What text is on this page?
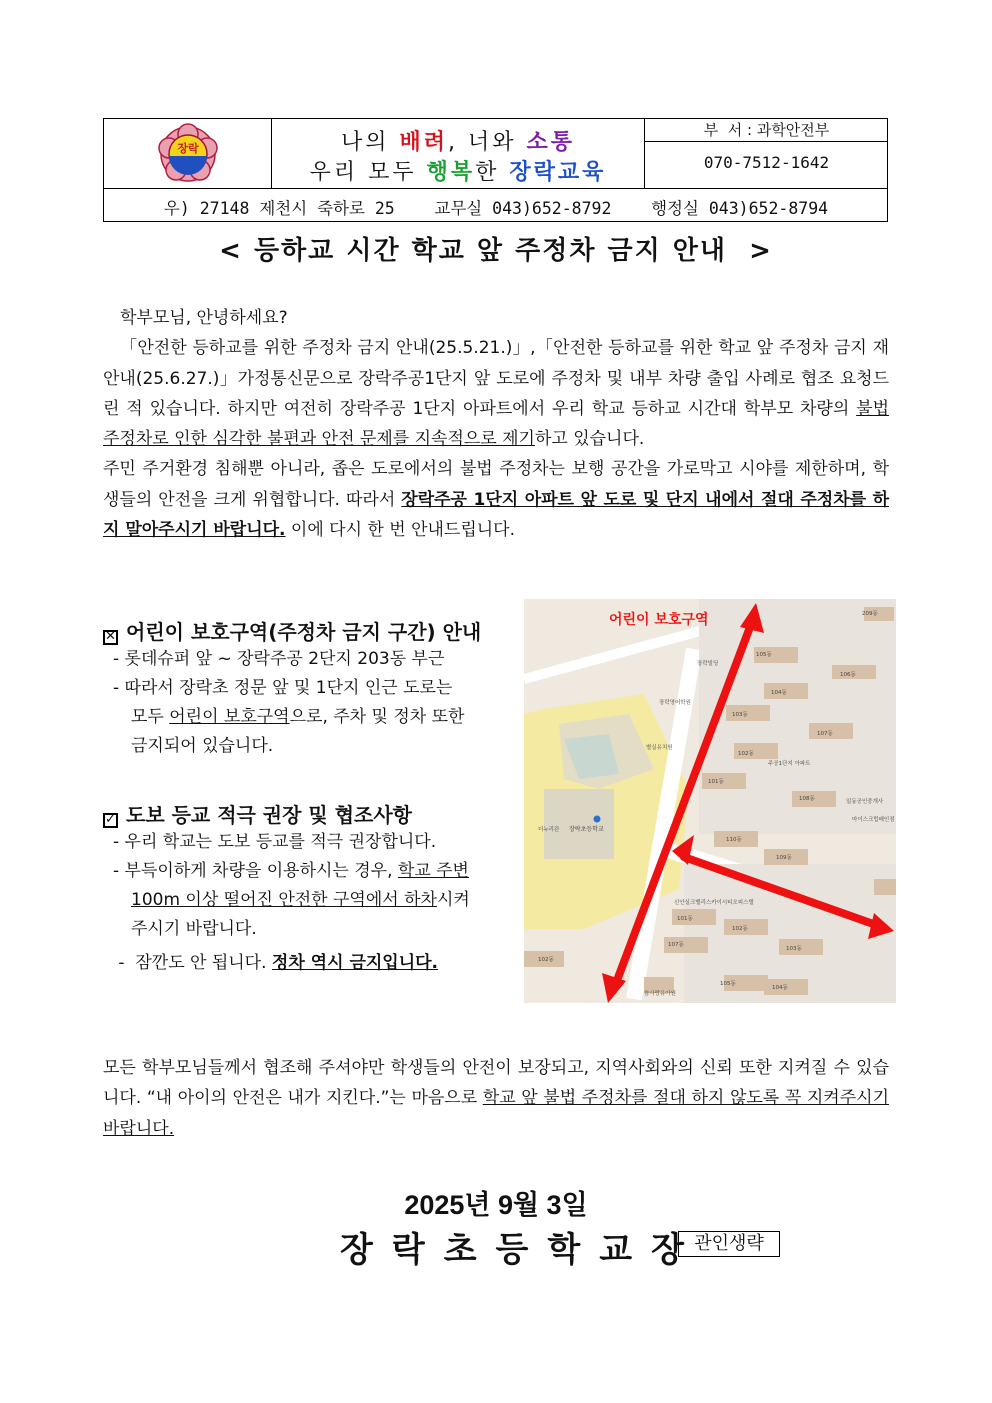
장락	나의 배려, 너와 소통
우리 모두 행복한 장락교육
부  서 : 과학안전부
070-7512-1642
우) 27148 제천시 죽하로 25    교무실 043)652-8792    행정실 043)652-8794
< 등하교 시간 학교 앞 주정차 금지 안내  >
학부모님, 안녕하세요?
「안전한 등하교를 위한 주정차 금지 안내(25.5.21.)」,「안전한 등하교를 위한 학교 앞 주정차 금지 재안내(25.6.27.)」가정통신문으로 장락주공1단지 앞 도로에 주정차 및 내부 차량 출입 사례로 협조 요청드린 적 있습니다. 하지만 여전히 장락주공 1단지 아파트에서 우리 학교 등하교 시간대 학부모 차량의 불법 주정차로 인한 심각한 불편과 안전 문제를 지속적으로 제기하고 있습니다.
주민 주거환경 침해뿐 아니라, 좁은 도로에서의 불법 주정차는 보행 공간을 가로막고 시야를 제한하며, 학생들의 안전을 크게 위협합니다. 따라서 장락주공 1단지 아파트 앞 도로 및 단지 내에서 절대 주정차를 하지 말아주시기 바랍니다. 이에 다시 한 번 안내드립니다.
✕ 어린이 보호구역(주정차 금지 구간) 안내
- 롯데슈퍼 앞 ~ 장락주공 2단지 203동 부근
- 따라서 장락초 정문 앞 및 1단지 인근 도로는
모두 어린이 보호구역으로, 주차 및 정차 또한
금지되어 있습니다.
✓ 도보 등교 적극 권장 및 협조사항
- 우리 학교는 도보 등교를 적극 권장합니다.
- 부득이하게 차량을 이용하시는 경우, 학교 주변
100m 이상 떨어진 안전한 구역에서 하차시켜
주시기 바랍니다.
-  잠깐도 안 됩니다. 정차 역시 금지입니다.
어린이 보호구역
장락초등학교
209동
장락빌딩
105동
106동
104동
장락영어학원
103동
107동
별실유치원
102동
주공1단지 아파트
101동
108동	일동공인중개사
마이스크럽배인점
더누리관
110동
109동
신안실크밸리스카이시티오피스텔
101동
102동
107동
103동
102동
105동
104동
참사랑유아원
모든 학부모님들께서 협조해 주셔야만 학생들의 안전이 보장되고, 지역사회와의 신뢰 또한 지켜질 수 있습니다. “내 아이의 안전은 내가 지킨다.”는 마음으로 학교 앞 불법 주정차를 절대 하지 않도록 꼭 지켜주시기 바랍니다.
2025년 9월 3일
장락초등학교장
관인생략
